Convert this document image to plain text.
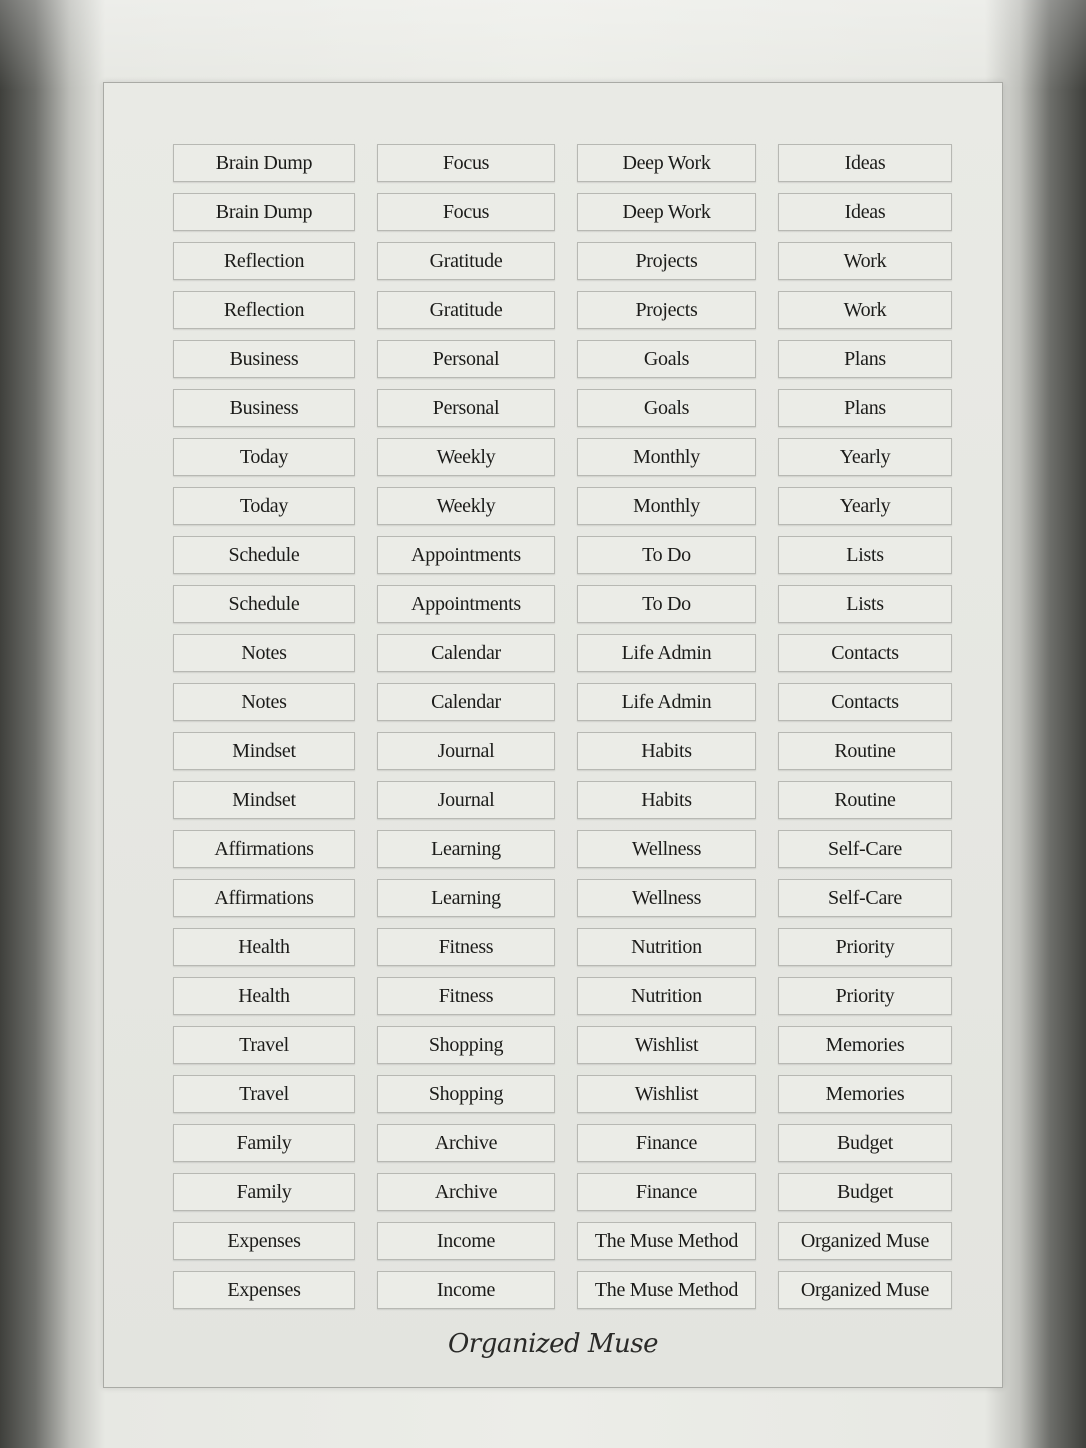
Brain Dump	Focus	Deep Work	Ideas
Brain Dump	Focus	Deep Work	Ideas
Reflection	Gratitude	Projects	Work
Reflection	Gratitude	Projects	Work
Business	Personal	Goals	Plans
Business	Personal	Goals	Plans
Today	Weekly	Monthly	Yearly
Today	Weekly	Monthly	Yearly
Schedule	Appointments	To Do	Lists
Schedule	Appointments	To Do	Lists
Notes	Calendar	Life Admin	Contacts
Notes	Calendar	Life Admin	Contacts
Mindset	Journal	Habits	Routine
Mindset	Journal	Habits	Routine
Affirmations	Learning	Wellness	Self-Care
Affirmations	Learning	Wellness	Self-Care
Health	Fitness	Nutrition	Priority
Health	Fitness	Nutrition	Priority
Travel	Shopping	Wishlist	Memories
Travel	Shopping	Wishlist	Memories
Family	Archive	Finance	Budget
Family	Archive	Finance	Budget
Expenses	Income	The Muse Method	Organized Muse
Expenses	Income	The Muse Method	Organized Muse
Organized Muse
